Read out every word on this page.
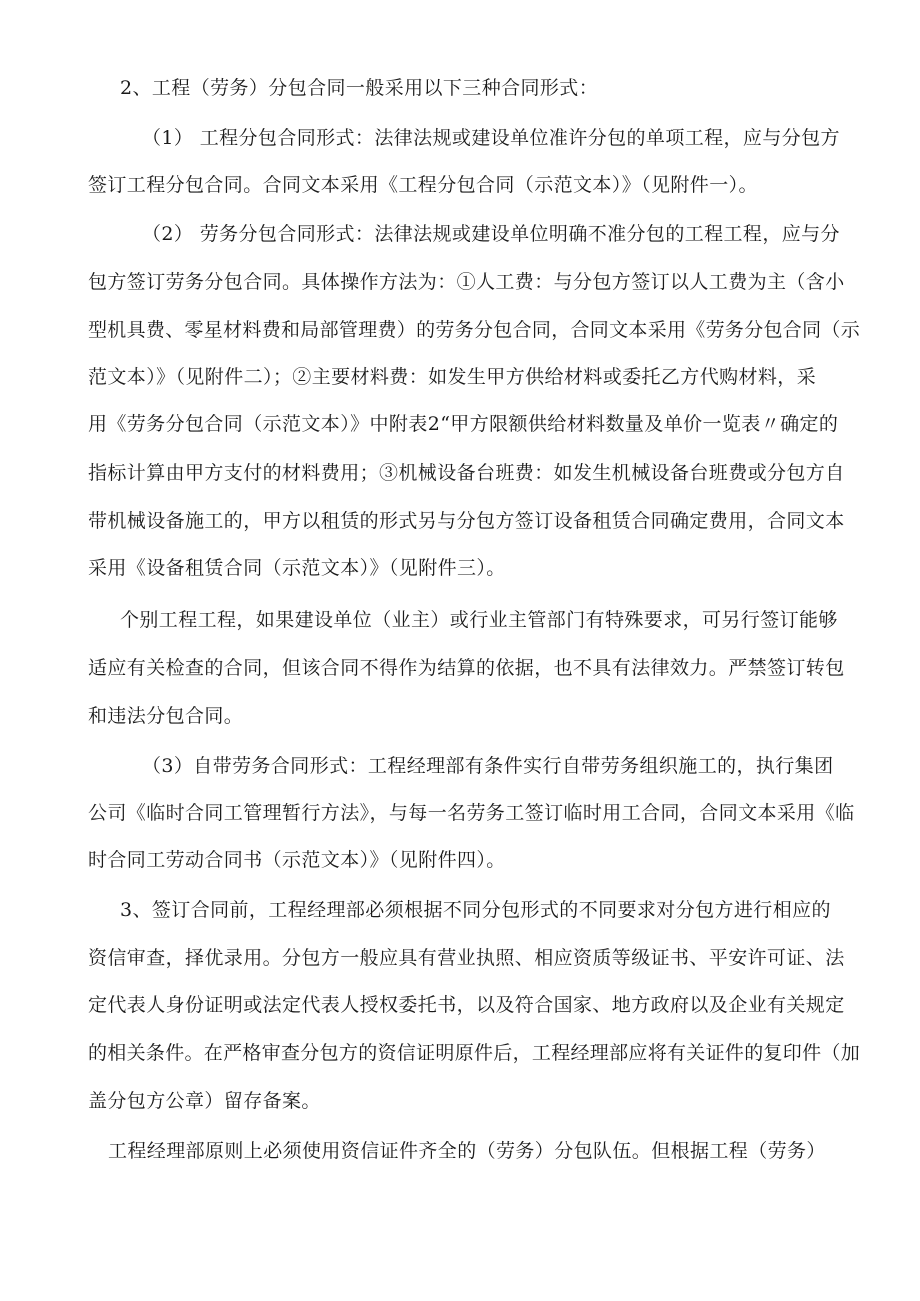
2、工程（劳务）分包合同一般采用以下三种合同形式：
（1） 工程分包合同形式：法律法规或建设单位准许分包的单项工程，应与分包方
签订工程分包合同。合同文本采用《工程分包合同（示范文本）》（见附件一）。
（2） 劳务分包合同形式：法律法规或建设单位明确不准分包的工程工程，应与分
包方签订劳务分包合同。具体操作方法为：①人工费：与分包方签订以人工费为主（含小
型机具费、零星材料费和局部管理费）的劳务分包合同，合同文本采用《劳务分包合同（示
范文本）》（见附件二）；②主要材料费：如发生甲方供给材料或委托乙方代购材料，采
用《劳务分包合同（示范文本）》中附表2“甲方限额供给材料数量及单价一览表〃确定的
指标计算由甲方支付的材料费用；③机械设备台班费：如发生机械设备台班费或分包方自
带机械设备施工的，甲方以租赁的形式另与分包方签订设备租赁合同确定费用，合同文本
采用《设备租赁合同（示范文本）》（见附件三）。
个别工程工程，如果建设单位（业主）或行业主管部门有特殊要求，可另行签订能够
适应有关检查的合同，但该合同不得作为结算的依据，也不具有法律效力。严禁签订转包
和违法分包合同。
（3）自带劳务合同形式：工程经理部有条件实行自带劳务组织施工的，执行集团
公司《临时合同工管理暂行方法》，与每一名劳务工签订临时用工合同，合同文本采用《临
时合同工劳动合同书（示范文本）》（见附件四）。
3、签订合同前，工程经理部必须根据不同分包形式的不同要求对分包方进行相应的
资信审查，择优录用。分包方一般应具有营业执照、相应资质等级证书、平安许可证、法
定代表人身份证明或法定代表人授权委托书，以及符合国家、地方政府以及企业有关规定
的相关条件。在严格审查分包方的资信证明原件后，工程经理部应将有关证件的复印件（加
盖分包方公章）留存备案。
工程经理部原则上必须使用资信证件齐全的（劳务）分包队伍。但根据工程（劳务）
